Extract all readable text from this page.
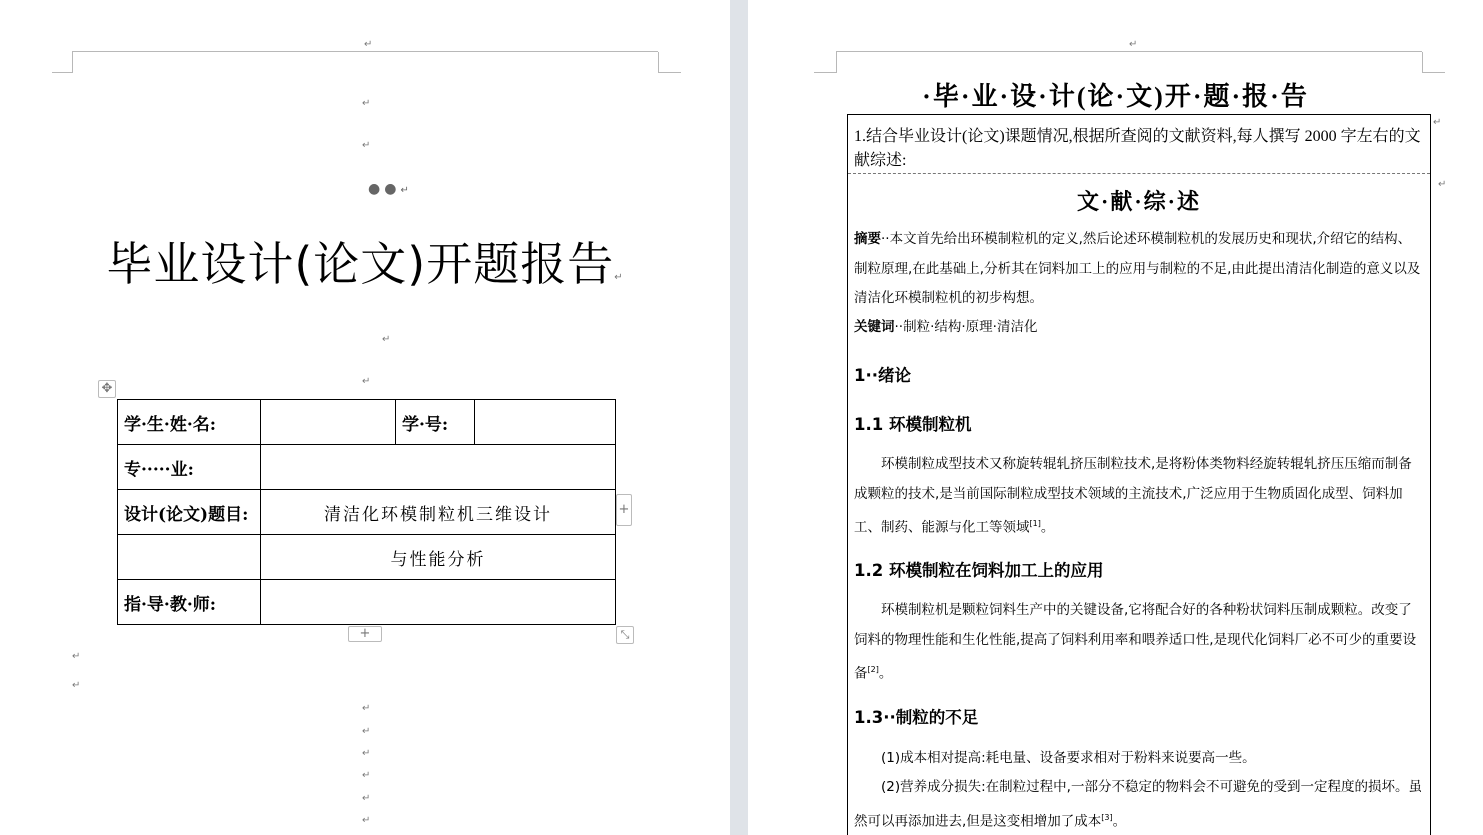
↵
↵
↵
●●↵
毕业设计(论文)开题报告↵
↵
↵
✥
学·生·姓·名:		学·号:	
专·····业:			
设计(论文)题目:	清洁化环模制粒机三维设计		
	与性能分析		
指·导·教·师:			
+
+	⤡
↵
↵
↵
↵
↵
↵
↵
↵
↵
·毕·业·设·计(论·文)开·题·报·告
1.结合毕业设计(论文)课题情况,根据所查阅的文献资料,每人撰写 2000 字左右的文献综述:
文·献·综·述
摘要··本文首先给出环模制粒机的定义,然后论述环模制粒机的发展历史和现状,介绍它的结构、制粒原理,在此基础上,分析其在饲料加工上的应用与制粒的不足,由此提出清洁化制造的意义以及清洁化环模制粒机的初步构想。
关键词··制粒·结构·原理·清洁化
1··绪论
1.1 环模制粒机
环模制粒成型技术又称旋转辊轧挤压制粒技术,是将粉体类物料经旋转辊轧挤压压缩而制备成颗粒的技术,是当前国际制粒成型技术领域的主流技术,广泛应用于生物质固化成型、饲料加工、制药、能源与化工等领域[1]。
1.2 环模制粒在饲料加工上的应用
环模制粒机是颗粒饲料生产中的关键设备,它将配合好的各种粉状饲料压制成颗粒。改变了饲料的物理性能和生化性能,提高了饲料利用率和喂养适口性,是现代化饲料厂必不可少的重要设备[2]。
1.3··制粒的不足
(1)成本相对提高:耗电量、设备要求相对于粉料来说要高一些。
(2)营养成分损失:在制粒过程中,一部分不稳定的物料会不可避免的受到一定程度的损坏。虽然可以再添加进去,但是这变相增加了成本[3]。
↵
↵
